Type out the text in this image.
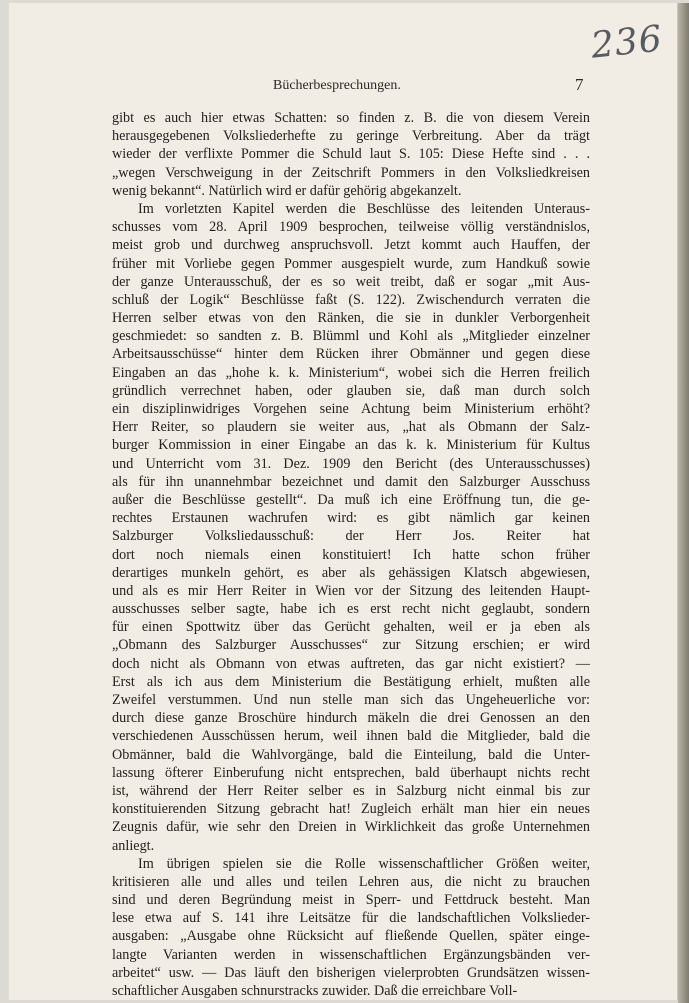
236
Bücherbesprechungen.	7
gibt es auch hier etwas Schatten: so finden z. B. die von diesem Verein
herausgegebenen Volksliederhefte zu geringe Verbreitung. Aber da trägt
wieder der verflixte Pommer die Schuld laut S. 105: Diese Hefte sind . . .
„wegen Verschweigung in der Zeitschrift Pommers in den Volksliedkreisen
wenig bekannt“. Natürlich wird er dafür gehörig abgekanzelt.
Im vorletzten Kapitel werden die Beschlüsse des leitenden Unteraus-
schusses vom 28. April 1909 besprochen, teilweise völlig verständnislos,
meist grob und durchweg anspruchsvoll. Jetzt kommt auch Hauffen, der
früher mit Vorliebe gegen Pommer ausgespielt wurde, zum Handkuß sowie
der ganze Unterausschuß, der es so weit treibt, daß er sogar „mit Aus-
schluß der Logik“ Beschlüsse faßt (S. 122). Zwischendurch verraten die
Herren selber etwas von den Ränken, die sie in dunkler Verborgenheit
geschmiedet: so sandten z. B. Blümml und Kohl als „Mitglieder einzelner
Arbeitsausschüsse“ hinter dem Rücken ihrer Obmänner und gegen diese
Eingaben an das „hohe k. k. Ministerium“, wobei sich die Herren freilich
gründlich verrechnet haben, oder glauben sie, daß man durch solch
ein disziplinwidriges Vorgehen seine Achtung beim Ministerium erhöht?
Herr Reiter, so plaudern sie weiter aus, „hat als Obmann der Salz-
burger Kommission in einer Eingabe an das k. k. Ministerium für Kultus
und Unterricht vom 31. Dez. 1909 den Bericht (des Unterausschusses)
als für ihn unannehmbar bezeichnet und damit den Salzburger Ausschuss
außer die Beschlüsse gestellt“. Da muß ich eine Eröffnung tun, die ge-
rechtes Erstaunen wachrufen wird: es gibt nämlich gar keinen
Salzburger Volksliedausschuß: der Herr Jos. Reiter hat
dort noch niemals einen konstituiert! Ich hatte schon früher
derartiges munkeln gehört, es aber als gehässigen Klatsch abgewiesen,
und als es mir Herr Reiter in Wien vor der Sitzung des leitenden Haupt-
ausschusses selber sagte, habe ich es erst recht nicht geglaubt, sondern
für einen Spottwitz über das Gerücht gehalten, weil er ja eben als
„Obmann des Salzburger Ausschusses“ zur Sitzung erschien; er wird
doch nicht als Obmann von etwas auftreten, das gar nicht existiert? —
Erst als ich aus dem Ministerium die Bestätigung erhielt, mußten alle
Zweifel verstummen. Und nun stelle man sich das Ungeheuerliche vor:
durch diese ganze Broschüre hindurch mäkeln die drei Genossen an den
verschiedenen Ausschüssen herum, weil ihnen bald die Mitglieder, bald die
Obmänner, bald die Wahlvorgänge, bald die Einteilung, bald die Unter-
lassung öfterer Einberufung nicht entsprechen, bald überhaupt nichts recht
ist, während der Herr Reiter selber es in Salzburg nicht einmal bis zur
konstituierenden Sitzung gebracht hat! Zugleich erhält man hier ein neues
Zeugnis dafür, wie sehr den Dreien in Wirklichkeit das große Unternehmen
anliegt.
Im übrigen spielen sie die Rolle wissenschaftlicher Größen weiter,
kritisieren alle und alles und teilen Lehren aus, die nicht zu brauchen
sind und deren Begründung meist in Sperr- und Fettdruck besteht. Man
lese etwa auf S. 141 ihre Leitsätze für die landschaftlichen Volkslieder-
ausgaben: „Ausgabe ohne Rücksicht auf fließende Quellen, später einge-
langte Varianten werden in wissenschaftlichen Ergänzungsbänden ver-
arbeitet“ usw. — Das läuft den bisherigen vielerprobten Grundsätzen wissen-
schaftlicher Ausgaben schnurstracks zuwider. Daß die erreichbare Voll-
